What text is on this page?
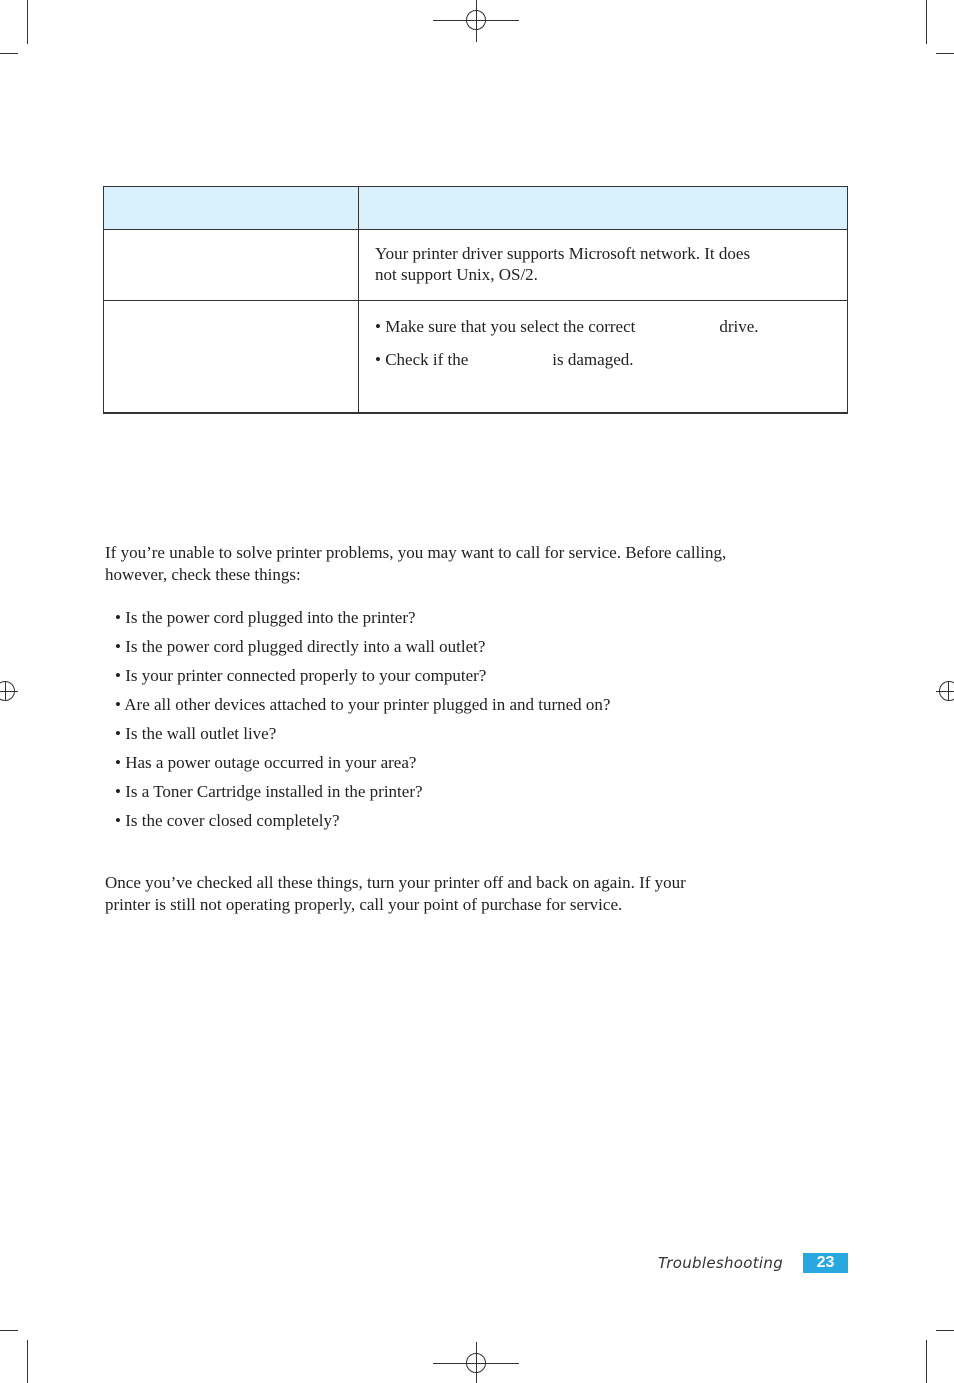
	Your printer driver supports Microsoft network. It does
not support Unix, OS/2.

	• Make sure that you select the correct drive.
• Check if the is damaged.
If you’re unable to solve printer problems, you may want to call for service. Before calling,
however, check these things:
• Is the power cord plugged into the printer?
• Is the power cord plugged directly into a wall outlet?
• Is your printer connected properly to your computer?
• Are all other devices attached to your printer plugged in and turned on?
• Is the wall outlet live?
• Has a power outage occurred in your area?
• Is a Toner Cartridge installed in the printer?
• Is the cover closed completely?
Once you’ve checked all these things, turn your printer off and back on again. If your
printer is still not operating properly, call your point of purchase for service.
Troubleshooting	23
